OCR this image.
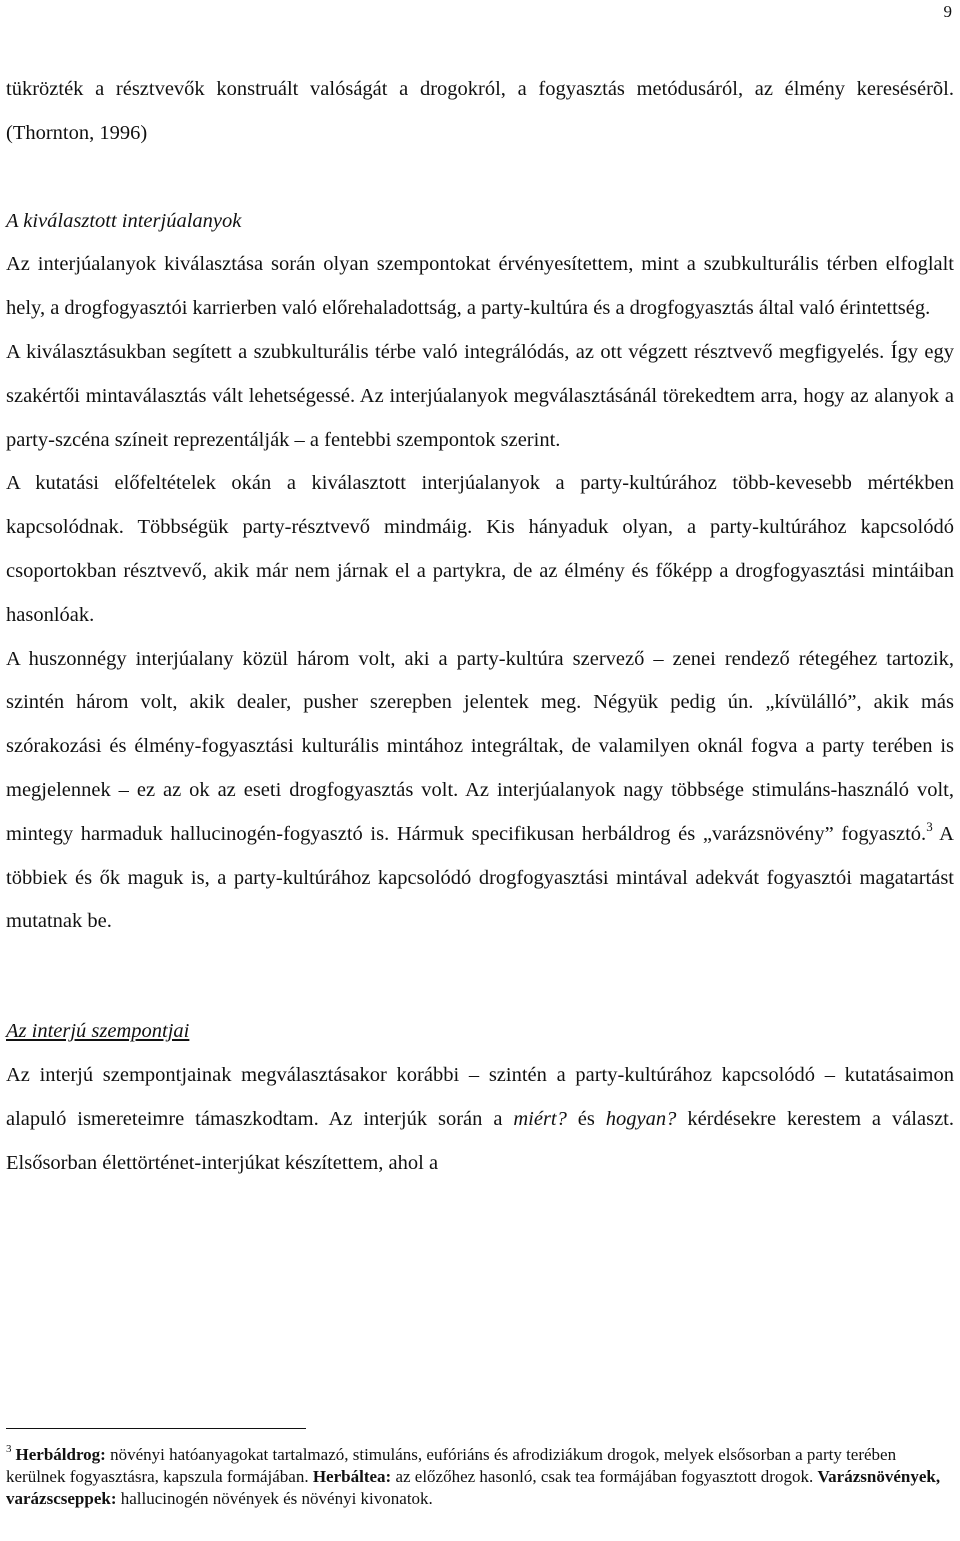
9

tükrözték a résztvevők konstruált valóságát a drogokról, a fogyasztás metódusáról, az élmény keresésérõl. (Thornton, 1996)

A kiválasztott interjúalanyok

Az interjúalanyok kiválasztása során olyan szempontokat érvényesítettem, mint a szubkulturális térben elfoglalt hely, a drogfogyasztói karrierben való előrehaladottság, a party-kultúra és a drogfogyasztás által való érintettség.

A kiválasztásukban segített a szubkulturális térbe való integrálódás, az ott végzett résztvevő megfigyelés. Így egy szakértői mintaválasztás vált lehetségessé. Az interjúalanyok megválasztásánál törekedtem arra, hogy az alanyok a party-szcéna színeit reprezentálják – a fentebbi szempontok szerint.

A kutatási előfeltételek okán a kiválasztott interjúalanyok a party-kultúrához több-kevesebb mértékben kapcsolódnak. Többségük party-résztvevő mindmáig. Kis hányaduk olyan, a party-kultúrához kapcsolódó csoportokban résztvevő, akik már nem járnak el a partykra, de az élmény és főképp a drogfogyasztási mintáiban hasonlóak.

A huszonnégy interjúalany közül három volt, aki a party-kultúra szervező – zenei rendező rétegéhez tartozik, szintén három volt, akik dealer, pusher szerepben jelentek meg. Négyük pedig ún. „kívülálló”, akik más szórakozási és élmény-fogyasztási kulturális mintához integráltak, de valamilyen oknál fogva a party terében is megjelennek – ez az ok az eseti drogfogyasztás volt. Az interjúalanyok nagy többsége stimuláns-használó volt, mintegy harmaduk hallucinogén-fogyasztó is. Hármuk specifikusan herbáldrog és „varázsnövény” fogyasztó.$^3$ A többiek és ők maguk is, a party-kultúrához kapcsolódó drogfogyasztási mintával adekvát fogyasztói magatartást mutatnak be.

Az interjú szempontjai

Az interjú szempontjainak megválasztásakor korábbi – szintén a party-kultúrához kapcsolódó – kutatásaimon alapuló ismereteimre támaszkodtam. Az interjúk során a miért? és hogyan? kérdésekre kerestem a választ. Elsősorban élettörténet-interjúkat készítettem, ahol a

$^3$ Herbáldrog: növényi hatóanyagokat tartalmazó, stimuláns, eufóriáns és afrodiziákum drogok, melyek elsősorban a party terében kerülnek fogyasztásra, kapszula formájában. Herbáltea: az előzőhez hasonló, csak tea formájában fogyasztott drogok. Varázsnövények, varázscseppek: hallucinogén növények és növényi kivonatok.
